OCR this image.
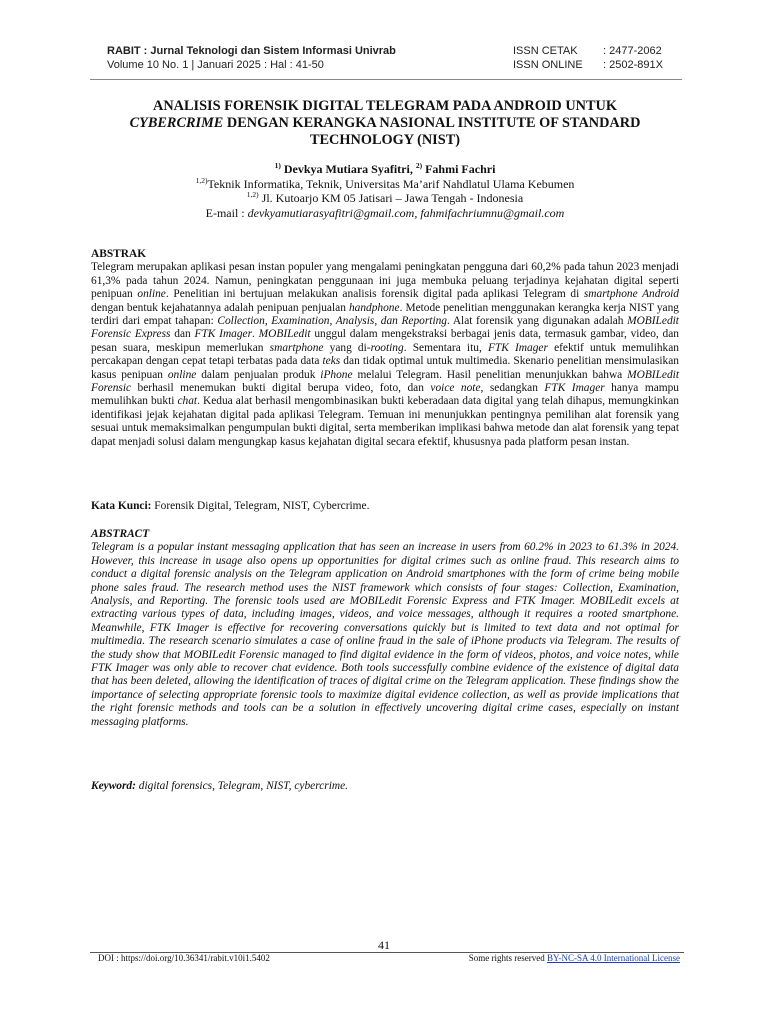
RABIT : Jurnal Teknologi dan Sistem Informasi Univrab
Volume 10 No. 1 | Januari 2025 : Hal : 41-50
ISSN CETAK : 2477-2062
ISSN ONLINE : 2502-891X
ANALISIS FORENSIK DIGITAL TELEGRAM PADA ANDROID UNTUK
CYBERCRIME DENGAN KERANGKA NASIONAL INSTITUTE OF STANDARD
TECHNOLOGY (NIST)
$^{1)}$ Devkya Mutiara Syafitri, $^{2)}$ Fahmi Fachri
$^{1,2)}$Teknik Informatika, Teknik, Universitas Ma’arif Nahdlatul Ulama Kebumen
$^{1,2)}$ Jl. Kutoarjo KM 05 Jatisari – Jawa Tengah - Indonesia
E-mail : devkyamutiarasyafitri@gmail.com, fahmifachriumnu@gmail.com
ABSTRAK
Telegram merupakan aplikasi pesan instan populer yang mengalami peningkatan pengguna dari 60,2% pada tahun 2023 menjadi 61,3% pada tahun 2024. Namun, peningkatan penggunaan ini juga membuka peluang terjadinya kejahatan digital seperti penipuan online. Penelitian ini bertujuan melakukan analisis forensik digital pada aplikasi Telegram di smartphone Android dengan bentuk kejahatannya adalah penipuan penjualan handphone. Metode penelitian menggunakan kerangka kerja NIST yang terdiri dari empat tahapan: Collection, Examination, Analysis, dan Reporting. Alat forensik yang digunakan adalah MOBILedit Forensic Express dan FTK Imager. MOBILedit unggul dalam mengekstraksi berbagai jenis data, termasuk gambar, video, dan pesan suara, meskipun memerlukan smartphone yang di-rooting. Sementara itu, FTK Imager efektif untuk memulihkan percakapan dengan cepat tetapi terbatas pada data teks dan tidak optimal untuk multimedia. Skenario penelitian mensimulasikan kasus penipuan online dalam penjualan produk iPhone melalui Telegram. Hasil penelitian menunjukkan bahwa MOBILedit Forensic berhasil menemukan bukti digital berupa video, foto, dan voice note, sedangkan FTK Imager hanya mampu memulihkan bukti chat. Kedua alat berhasil mengombinasikan bukti keberadaan data digital yang telah dihapus, memungkinkan identifikasi jejak kejahatan digital pada aplikasi Telegram. Temuan ini menunjukkan pentingnya pemilihan alat forensik yang sesuai untuk memaksimalkan pengumpulan bukti digital, serta memberikan implikasi bahwa metode dan alat forensik yang tepat dapat menjadi solusi dalam mengungkap kasus kejahatan digital secara efektif, khususnya pada platform pesan instan.
Kata Kunci: Forensik Digital, Telegram, NIST, Cybercrime.
ABSTRACT
Telegram is a popular instant messaging application that has seen an increase in users from 60.2% in 2023 to 61.3% in 2024. However, this increase in usage also opens up opportunities for digital crimes such as online fraud. This research aims to conduct a digital forensic analysis on the Telegram application on Android smartphones with the form of crime being mobile phone sales fraud. The research method uses the NIST framework which consists of four stages: Collection, Examination, Analysis, and Reporting. The forensic tools used are MOBILedit Forensic Express and FTK Imager. MOBILedit excels at extracting various types of data, including images, videos, and voice messages, although it requires a rooted smartphone. Meanwhile, FTK Imager is effective for recovering conversations quickly but is limited to text data and not optimal for multimedia. The research scenario simulates a case of online fraud in the sale of iPhone products via Telegram. The results of the study show that MOBILedit Forensic managed to find digital evidence in the form of videos, photos, and voice notes, while FTK Imager was only able to recover chat evidence. Both tools successfully combine evidence of the existence of digital data that has been deleted, allowing the identification of traces of digital crime on the Telegram application. These findings show the importance of selecting appropriate forensic tools to maximize digital evidence collection, as well as provide implications that the right forensic methods and tools can be a solution in effectively uncovering digital crime cases, especially on instant messaging platforms.
Keyword: digital forensics, Telegram, NIST, cybercrime.
41
DOI : https://doi.org/10.36341/rabit.v10i1.5402	Some rights reserved BY-NC-SA 4.0 International License
